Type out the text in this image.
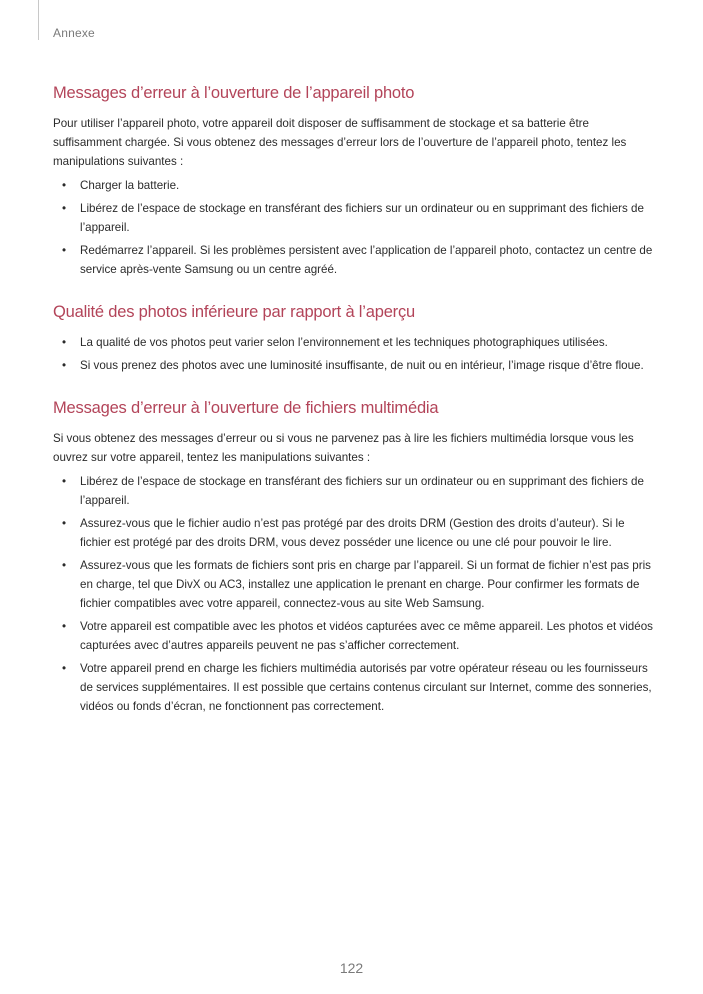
Annexe
Messages d’erreur à l’ouverture de l’appareil photo

Pour utiliser l’appareil photo, votre appareil doit disposer de suffisamment de stockage et sa batterie être suffisamment chargée. Si vous obtenez des messages d’erreur lors de l’ouverture de l’appareil photo, tentez les manipulations suivantes :

• Charger la batterie.
• Libérez de l’espace de stockage en transférant des fichiers sur un ordinateur ou en supprimant des fichiers de l’appareil.
• Redémarrez l’appareil. Si les problèmes persistent avec l’application de l’appareil photo, contactez un centre de service après-vente Samsung ou un centre agréé.
Qualité des photos inférieure par rapport à l’aperçu
• La qualité de vos photos peut varier selon l’environnement et les techniques photographiques utilisées.
• Si vous prenez des photos avec une luminosité insuffisante, de nuit ou en intérieur, l’image risque d’être floue.
Messages d’erreur à l’ouverture de fichiers multimédia

Si vous obtenez des messages d’erreur ou si vous ne parvenez pas à lire les fichiers multimédia lorsque vous les ouvrez sur votre appareil, tentez les manipulations suivantes :

• Libérez de l’espace de stockage en transférant des fichiers sur un ordinateur ou en supprimant des fichiers de l’appareil.
• Assurez-vous que le fichier audio n’est pas protégé par des droits DRM (Gestion des droits d’auteur). Si le fichier est protégé par des droits DRM, vous devez posséder une licence ou une clé pour pouvoir le lire.
• Assurez-vous que les formats de fichiers sont pris en charge par l’appareil. Si un format de fichier n’est pas pris en charge, tel que DivX ou AC3, installez une application le prenant en charge. Pour confirmer les formats de fichier compatibles avec votre appareil, connectez-vous au site Web Samsung.
• Votre appareil est compatible avec les photos et vidéos capturées avec ce même appareil. Les photos et vidéos capturées avec d’autres appareils peuvent ne pas s’afficher correctement.
• Votre appareil prend en charge les fichiers multimédia autorisés par votre opérateur réseau ou les fournisseurs de services supplémentaires. Il est possible que certains contenus circulant sur Internet, comme des sonneries, vidéos ou fonds d’écran, ne fonctionnent pas correctement.
122
